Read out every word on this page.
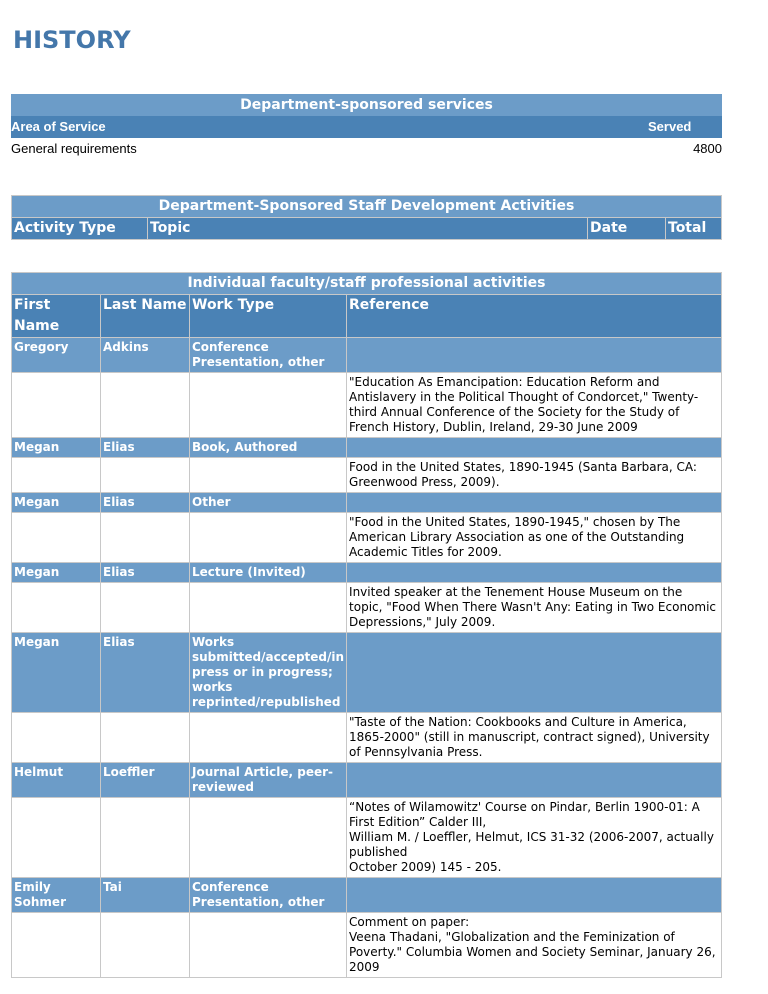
HISTORY
Department-sponsored services	
Area of Service	Served
General requirements	4800
Department-Sponsored Staff Development Activities
Activity Type	Topic	Date	Total
Individual faculty/staff professional activities			
First Name	Last Name	Work Type	Reference
Gregory	Adkins	Conference Presentation, other	
			"Education As Emancipation: Education Reform and Antislavery in the Political Thought of Condorcet," Twenty-third Annual Conference of the Society for the Study of French History, Dublin, Ireland, 29-30 June 2009
Megan	Elias	Book, Authored	
			Food in the United States, 1890-1945 (Santa Barbara, CA: Greenwood Press, 2009).
Megan	Elias	Other	
			"Food in the United States, 1890-1945," chosen by The American Library Association as one of the Outstanding Academic Titles for 2009.
Megan	Elias	Lecture (Invited)	
			Invited speaker at the Tenement House Museum on the topic, "Food When There Wasn't Any: Eating in Two Economic Depressions," July 2009.
Megan	Elias	Works submitted/accepted/in press or in progress; works reprinted/republished	
			"Taste of the Nation: Cookbooks and Culture in America, 1865-2000" (still in manuscript, contract signed), University of Pennsylvania Press.
Helmut	Loeffler	Journal Article, peer-reviewed	

			“Notes of Wilamowitz' Course on Pindar, Berlin 1900-01: A First Edition” Calder III,
William M. / Loeffler, Helmut, ICS 31-32 (2006-2007, actually published
October 2009) 145 - 205.

Emily Sohmer	Tai	Conference Presentation, other	

			Comment on paper:
Veena Thadani, "Globalization and the Feminization of Poverty." Columbia Women and Society Seminar, January 26, 2009
